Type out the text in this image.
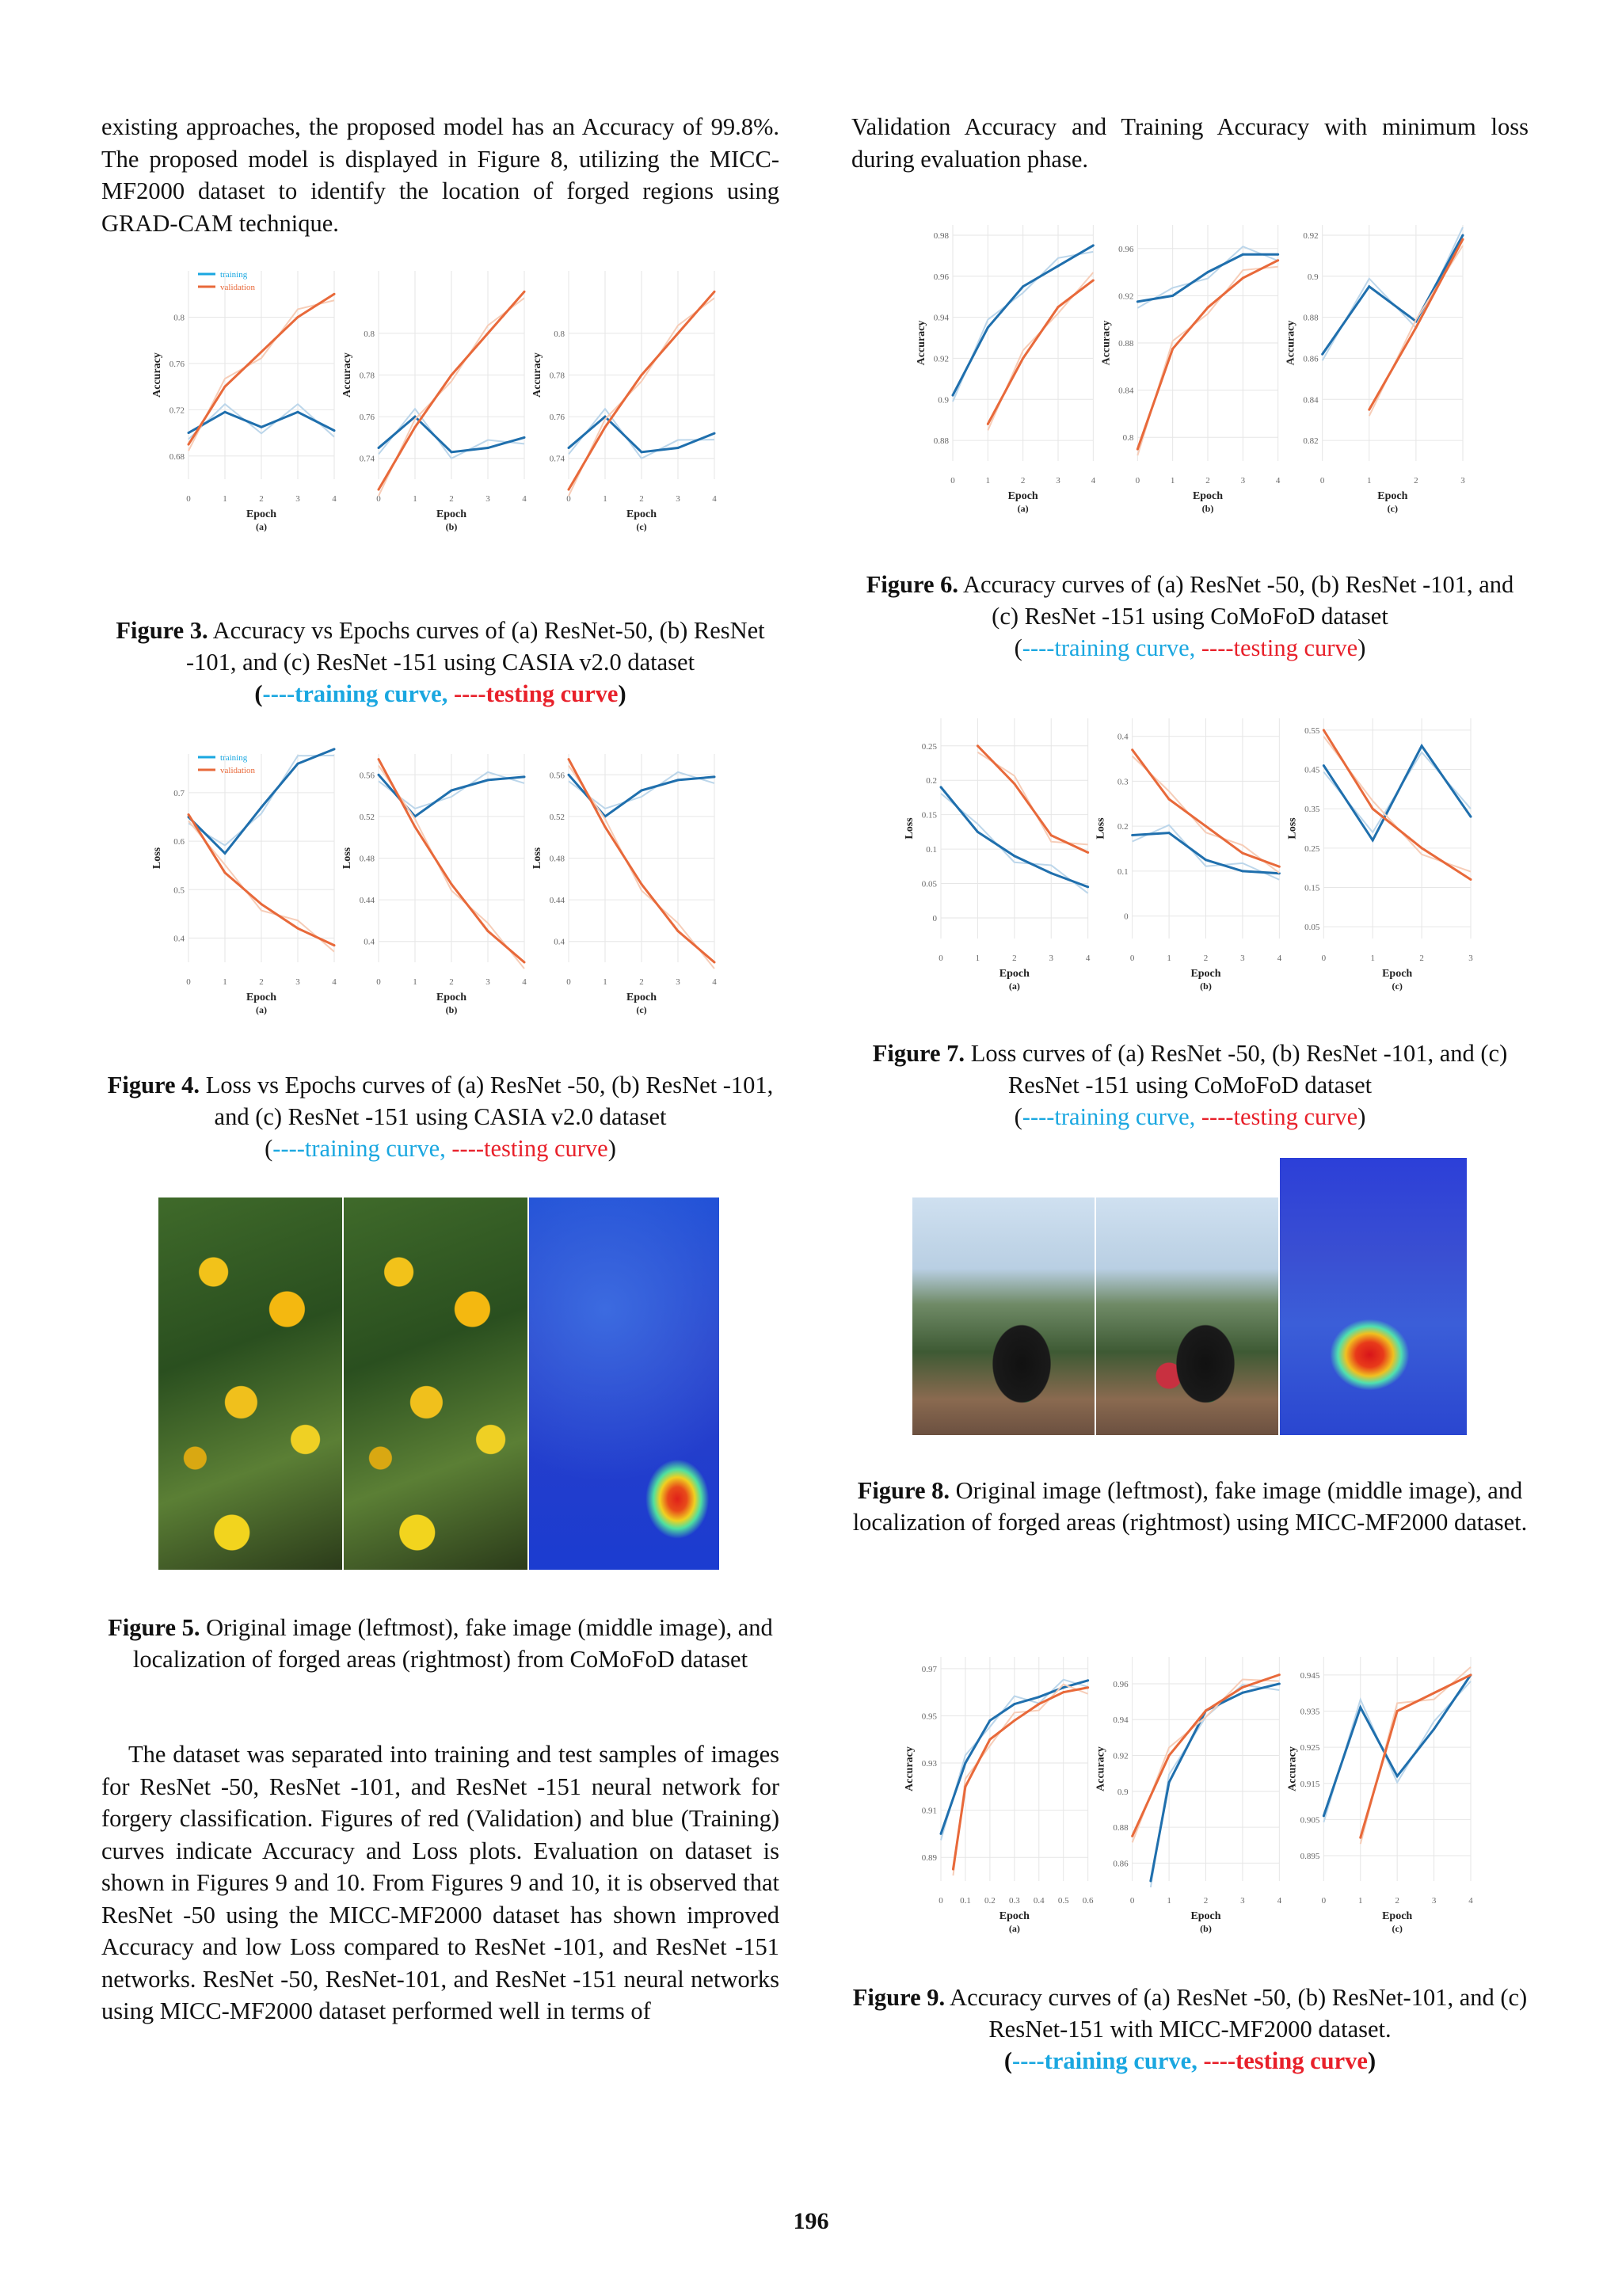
existing approaches, the proposed model has an Accuracy of 99.8%. The proposed model is displayed in Figure 8, utilizing the MICC-MF2000 dataset to identify the location of forged regions using GRAD-CAM technique.

0.68
0.72
0.76
0.8
0	1	2	3	4
Epoch
(a)
Accuracy
training
validation
0.74
0.76
0.78
0.8
0	1	2	3	4
Epoch
(b)
Accuracy
0.74
0.76
0.78
0.8
0	1	2	3	4
Epoch
(c)
Accuracy
Figure 3. Accuracy vs Epochs curves of (a) ResNet-50, (b) ResNet -101, and (c) ResNet -151 using CASIA v2.0 dataset
(----training curve, ----testing curve)
0.4
0.5
0.6
0.7
0	1	2	3	4
Epoch
(a)
Loss
training
validation
0.4
0.44
0.48
0.52
0.56
0	1	2	3	4
Epoch
(b)
Loss
0.4
0.44
0.48
0.52
0.56
0	1	2	3	4
Epoch
(c)
Loss
Figure 4. Loss vs Epochs curves of (a) ResNet -50, (b) ResNet -101, and (c) ResNet -151 using CASIA v2.0 dataset
(----training curve, ----testing curve)
Figure 5. Original image (leftmost), fake image (middle image), and localization of forged areas (rightmost) from CoMoFoD dataset

The dataset was separated into training and test samples of images for ResNet -50, ResNet -101, and ResNet -151 neural network for forgery classification. Figures of red (Validation) and blue (Training) curves indicate Accuracy and Loss plots. Evaluation on dataset is shown in Figures 9 and 10. From Figures 9 and 10, it is observed that ResNet -50 using the MICC-MF2000 dataset has shown improved Accuracy and low Loss compared to ResNet -101, and ResNet -151 networks. ResNet -50, ResNet-101, and ResNet -151 neural networks using MICC-MF2000 dataset performed well in terms of

Validation Accuracy and Training Accuracy with minimum loss during evaluation phase.

0.88
0.9
0.92
0.94
0.96
0.98
0	1	2	3	4
Epoch
(a)
Accuracy
0.8
0.84
0.88
0.92
0.96
0	1	2	3	4
Epoch
(b)
Accuracy
0.82
0.84
0.86
0.88
0.9
0.92
0	1	2	3
Epoch
(c)
Accuracy
Figure 6. Accuracy curves of (a) ResNet -50, (b) ResNet -101, and (c) ResNet -151 using CoMoFoD dataset
(----training curve, ----testing curve)
0
0.05
0.1
0.15
0.2
0.25
0	1	2	3	4
Epoch
(a)
Loss
0
0.1
0.2
0.3
0.4
0	1	2	3	4
Epoch
(b)
Loss
0.05
0.15
0.25
0.35
0.45
0.55
0	1	2	3
Epoch
(c)
Loss
Figure 7. Loss curves of (a) ResNet -50, (b) ResNet -101, and (c) ResNet -151 using CoMoFoD dataset
(----training curve, ----testing curve)
Figure 8. Original image (leftmost), fake image (middle image), and localization of forged areas (rightmost) using MICC-MF2000 dataset.
0.89
0.91
0.93
0.95
0.97
0 0.1 0.2 0.3 0.4 0.5 0.6
Epoch
(a)
Accuracy
0.86
0.88
0.9
0.92
0.94
0.96
0	1	2	3	4
Epoch
(b)
Accuracy
0.895
0.905
0.915
0.925
0.935
0.945
0	1	2	3	4
Epoch
(c)
Accuracy
Figure 9. Accuracy curves of (a) ResNet -50, (b) ResNet-101, and (c) ResNet-151 with MICC-MF2000 dataset.
(----training curve, ----testing curve)
196
